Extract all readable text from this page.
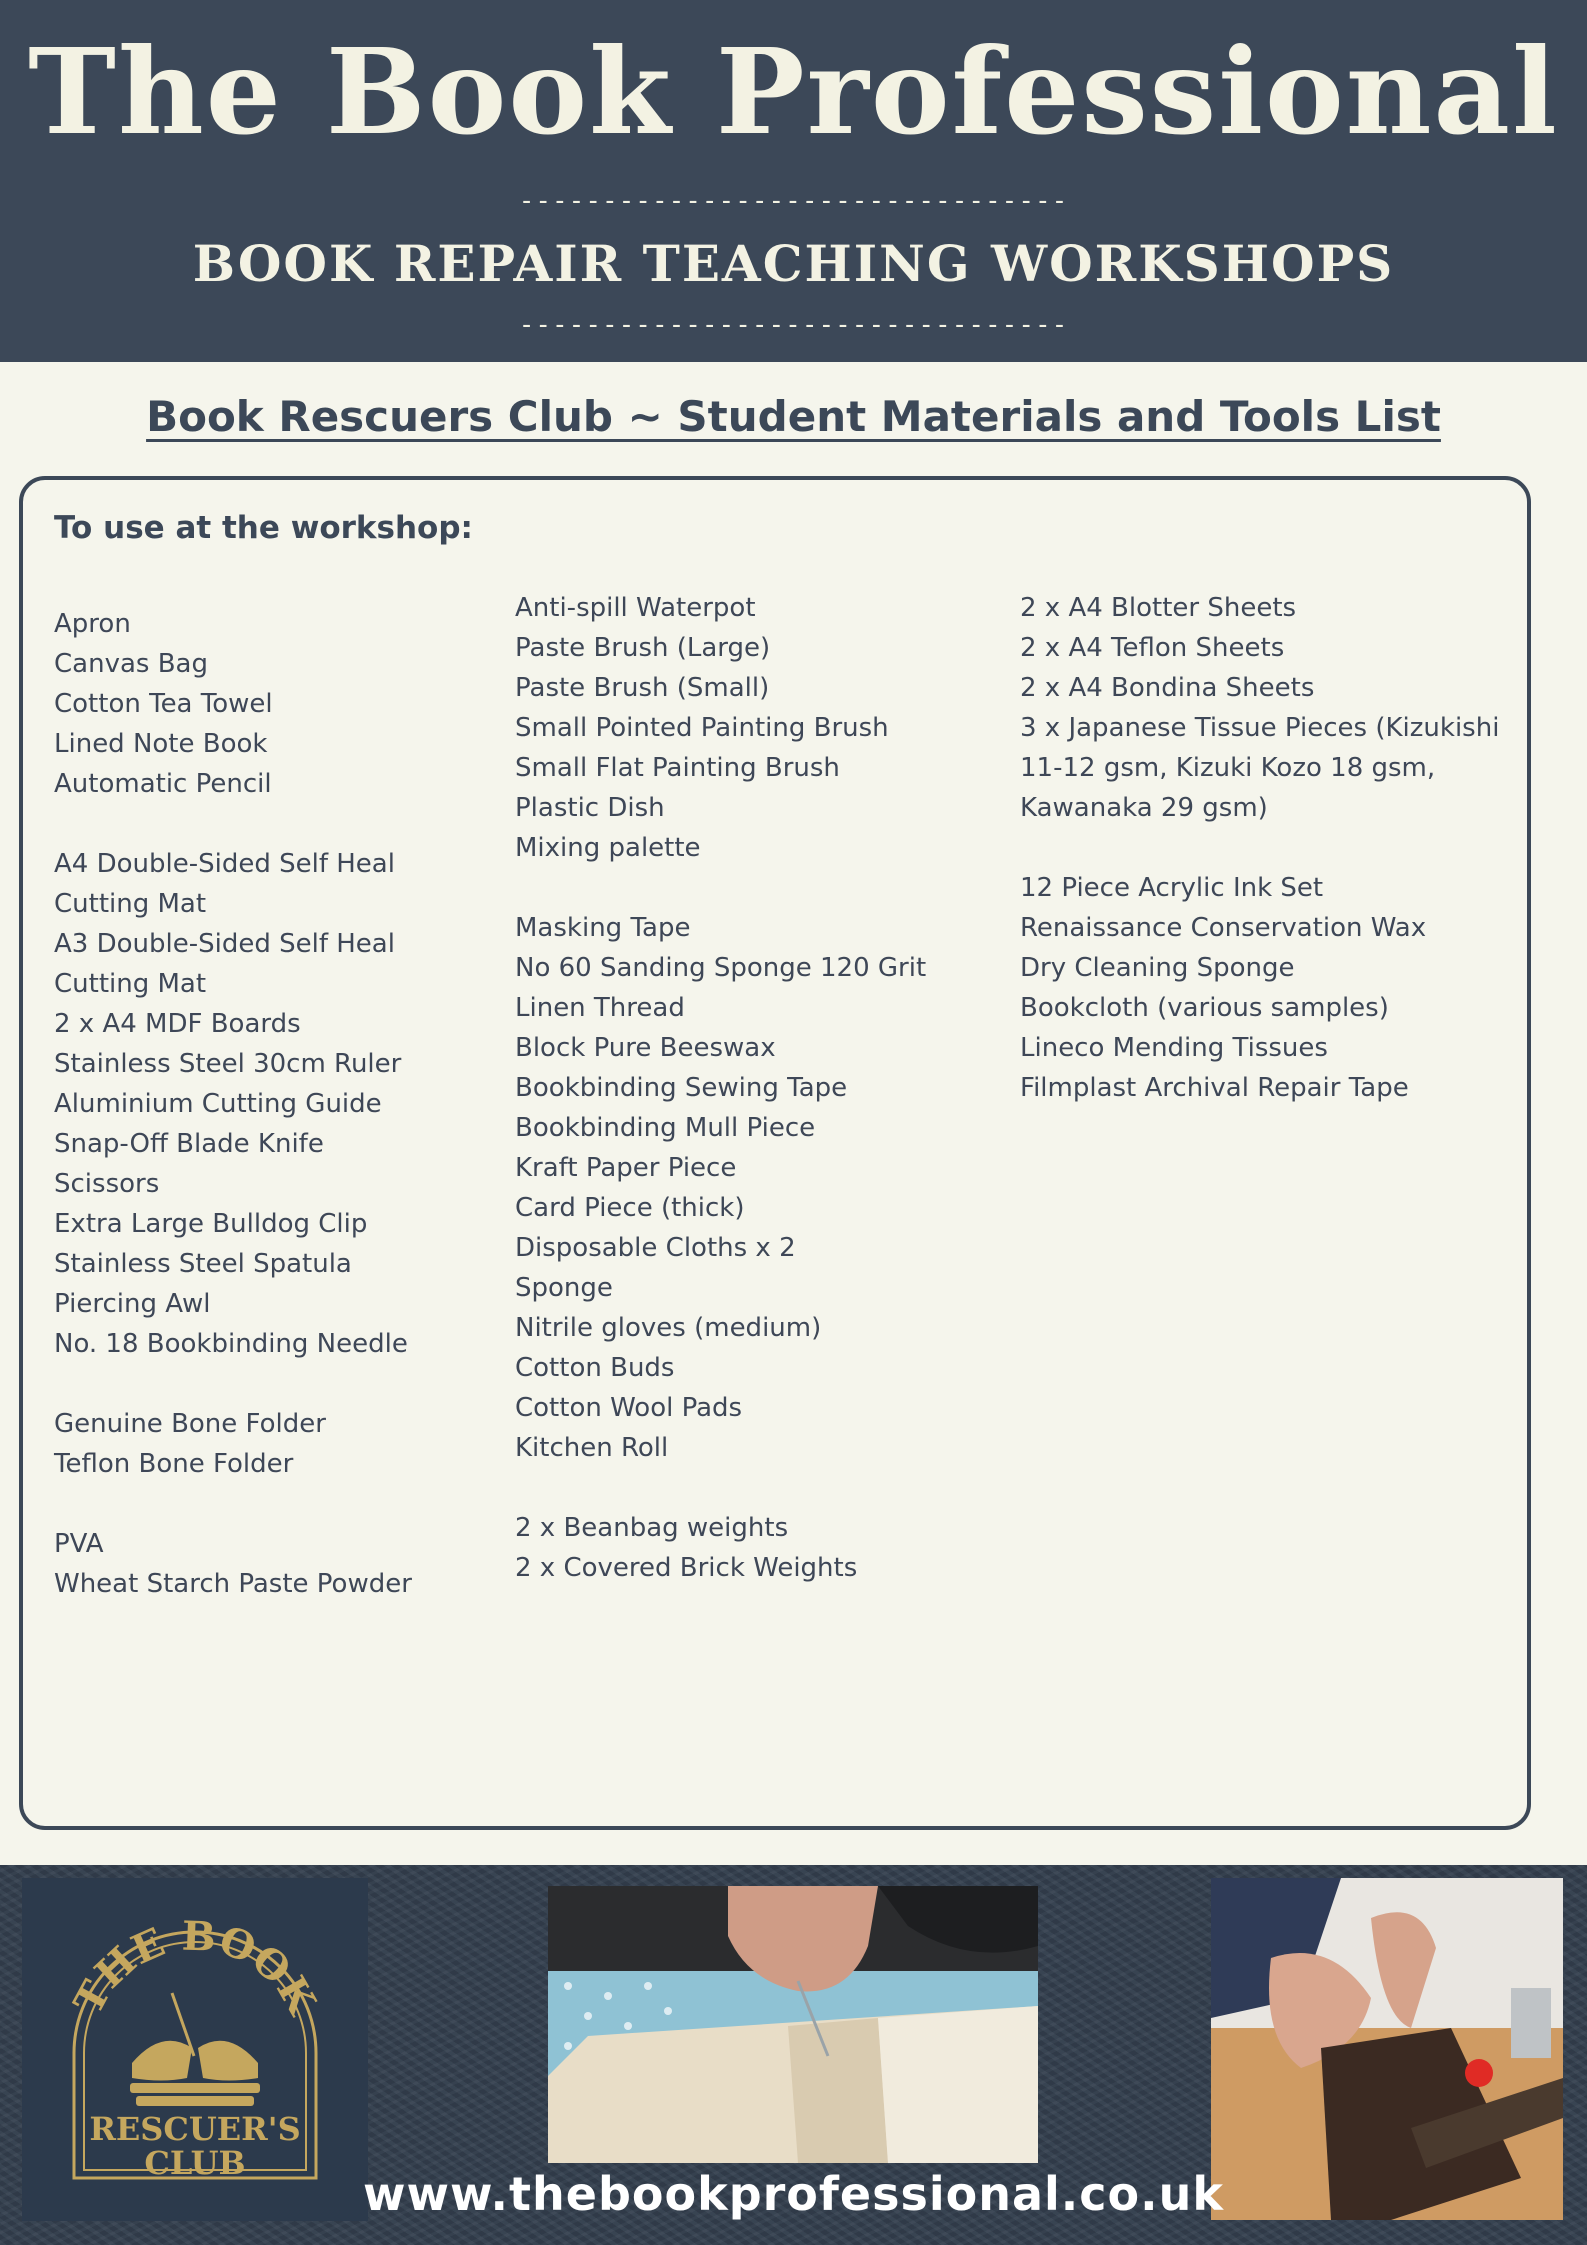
The Book Professional
---------------------------------
BOOK REPAIR TEACHING WORKSHOPS
---------------------------------
Book Rescuers Club ~ Student Materials and Tools List
To use at the workshop:
Apron
Canvas Bag
Cotton Tea Towel
Lined Note Book
Automatic Pencil
A4 Double-Sided Self Heal
Cutting Mat
A3 Double-Sided Self Heal
Cutting Mat
2 x A4 MDF Boards
Stainless Steel 30cm Ruler
Aluminium Cutting Guide
Snap-Off Blade Knife
Scissors
Extra Large Bulldog Clip
Stainless Steel Spatula
Piercing Awl
No. 18 Bookbinding Needle
Genuine Bone Folder
Teflon Bone Folder
PVA
Wheat Starch Paste Powder
Anti-spill Waterpot
Paste Brush (Large)
Paste Brush (Small)
Small Pointed Painting Brush
Small Flat Painting Brush
Plastic Dish
Mixing palette
Masking Tape
No 60 Sanding Sponge 120 Grit
Linen Thread
Block Pure Beeswax
Bookbinding Sewing Tape
Bookbinding Mull Piece
Kraft Paper Piece
Card Piece (thick)
Disposable Cloths x 2
Sponge
Nitrile gloves (medium)
Cotton Buds
Cotton Wool Pads
Kitchen Roll
2 x Beanbag weights
2 x Covered Brick Weights
2 x A4 Blotter Sheets
2 x A4 Teflon Sheets
2 x A4 Bondina Sheets
3 x Japanese Tissue Pieces (Kizukishi
11-12 gsm, Kizuki Kozo 18 gsm,
Kawanaka 29 gsm)
12 Piece Acrylic Ink Set
Renaissance Conservation Wax
Dry Cleaning Sponge
Bookcloth (various samples)
Lineco Mending Tissues
Filmplast Archival Repair Tape
THE BOOK
RESCUER'S
CLUB
www.thebookprofessional.co.uk
